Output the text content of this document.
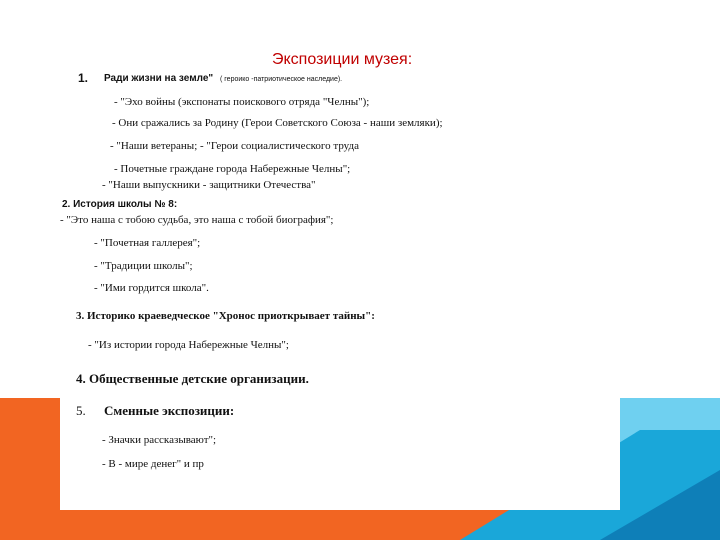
Экспозиции музея:
1. Ради жизни на земле" ( героико -патриотическое наследие).
- "Эхо войны (экспонаты поискового отряда "Челны");
- Они сражались за Родину (Герои Советского Союза - наши земляки);
- "Наши ветераны; - "Герои социалистического труда
- Почетные граждане города Набережные Челны";
- "Наши выпускники - защитники Отечества"
2. История школы № 8:
- "Это наша с тобою судьба, это наша с тобой биография";
- "Почетная галлерея";
- "Традиции школы";
- "Ими гордится школа".
3. Историко краеведческое "Хронос приоткрывает тайны":
- "Из истории города Набережные Челны";
4. Общественные детские организации.
5. Сменные экспозиции:
- Значки рассказывают";
- В - мире денег" и пр
